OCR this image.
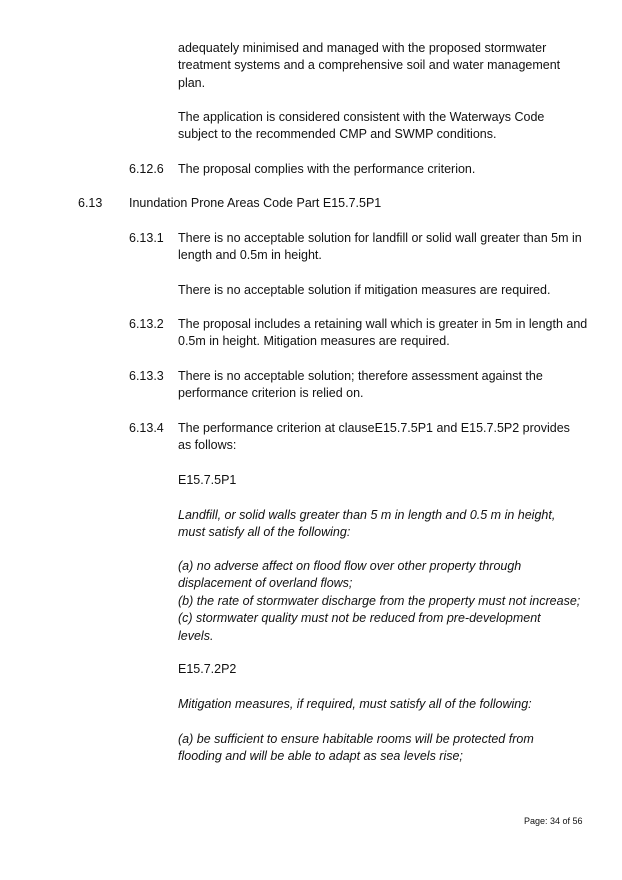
adequately minimised and managed with the proposed stormwater
treatment systems and a comprehensive soil and water management
plan.
The application is considered consistent with the Waterways Code
subject to the recommended CMP and SWMP conditions.
6.12.6 The proposal complies with the performance criterion.
6.13 Inundation Prone Areas Code Part E15.7.5P1
6.13.1 There is no acceptable solution for landfill or solid wall greater than 5m in
length and 0.5m in height.
There is no acceptable solution if mitigation measures are required.
6.13.2 The proposal includes a retaining wall which is greater in 5m in length and
0.5m in height. Mitigation measures are required.
6.13.3 There is no acceptable solution; therefore assessment against the
performance criterion is relied on.
6.13.4 The performance criterion at clauseE15.7.5P1 and E15.7.5P2 provides
as follows:
E15.7.5P1
Landfill, or solid walls greater than 5 m in length and 0.5 m in height,
must satisfy all of the following:
(a) no adverse affect on flood flow over other property through
displacement of overland flows;
(b) the rate of stormwater discharge from the property must not increase;
(c) stormwater quality must not be reduced from pre-development
levels.
E15.7.2P2
Mitigation measures, if required, must satisfy all of the following:
(a) be sufficient to ensure habitable rooms will be protected from
flooding and will be able to adapt as sea levels rise;
Page: 34 of 56
